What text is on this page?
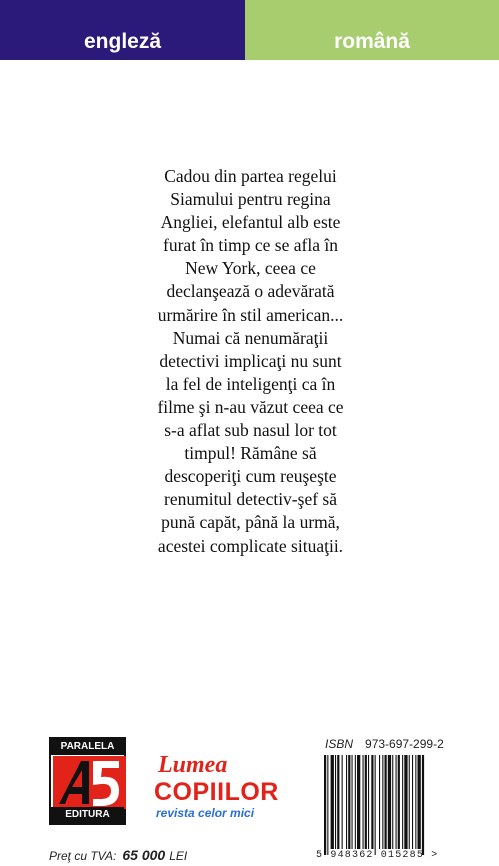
engleză	română
Cadou din partea regelui
Siamului pentru regina
Angliei, elefantul alb este
furat în timp ce se afla în
New York, ceea ce
declanşează o adevărată
urmărire în stil american...
Numai că nenumăraţii
detectivi implicaţi nu sunt
la fel de inteligenţi ca în
filme şi n-au văzut ceea ce
s-a aflat sub nasul lor tot
timpul! Rămâne să
descoperiţi cum reuşeşte
renumitul detectiv-şef să
pună capăt, până la urmă,
acestei complicate situaţii.
PARALELA
EDITURA
Lumea
COPIILOR
revista celor mici
ISBN 973-697-299-2
5 948362 015285 >
Preţ cu TVA: 65 000 LEI
